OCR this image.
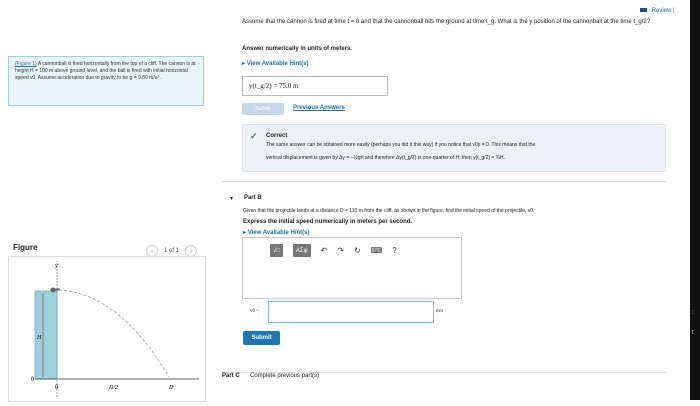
(Figure 1) A cannonball is fired horizontally from the top of a cliff. The cannon is at height H = 100 m above ground level, and the ball is fired with initial horizontal speed v0. Assume acceleration due to gravity to be g = 9.80 m/s² .
Figure	‹ 1 of 1 ›
y
H
0
0	D/2	D
Review |
Assume that the cannon is fired at time t = 0 and that the cannonball hits the ground at time t_g. What is the y position of the cannonball at the time t_g/2?
Answer numerically in units of meters.
▸ View Available Hint(s)
y(t_g/2) =
75.0 m
Submit	Previous Answers
✓ Correct
The same answer can be obtained more easily (perhaps you did it this way) if you notice that v0y = 0. This means that the
vertical displacement is given by Δy = −½gt² and therefore Δy(t_g/2) is one-quarter of H; then y(t_g/2) = ¾H.
▾ Part B
Given that the projectile lands at a distance D = 110 m from the cliff, as shown in the figure, find the initial speed of the projectile, v0.
Express the initial speed numerically in meters per second.
▸ View Available Hint(s)
√□	AΣφ ↶ ↷ ↻ ⌨ ?
v0 =	m/s
Submit
Part C Complete previous part(s)
:
t
